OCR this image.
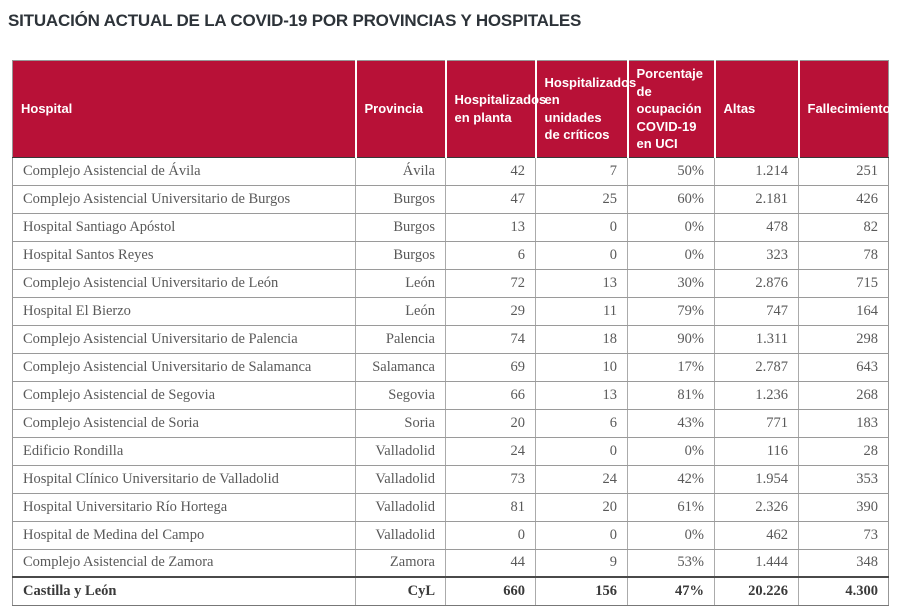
SITUACIÓN ACTUAL DE LA COVID-19 POR PROVINCIAS Y HOSPITALES
Hospital	Provincia	Hospitalizados en planta	Hospitalizados en unidades de críticos	Porcentaje de ocupación COVID-19 en UCI	Altas	Fallecimientos
Complejo Asistencial de Ávila	Ávila	42	7	50%	1.214	251
Complejo Asistencial Universitario de Burgos	Burgos	47	25	60%	2.181	426
Hospital Santiago Apóstol	Burgos	13	0	0%	478	82
Hospital Santos Reyes	Burgos	6	0	0%	323	78
Complejo Asistencial Universitario de León	León	72	13	30%	2.876	715
Hospital El Bierzo	León	29	11	79%	747	164
Complejo Asistencial Universitario de Palencia	Palencia	74	18	90%	1.311	298
Complejo Asistencial Universitario de Salamanca	Salamanca	69	10	17%	2.787	643
Complejo Asistencial de Segovia	Segovia	66	13	81%	1.236	268
Complejo Asistencial de Soria	Soria	20	6	43%	771	183
Edificio Rondilla	Valladolid	24	0	0%	116	28
Hospital Clínico Universitario de Valladolid	Valladolid	73	24	42%	1.954	353
Hospital Universitario Río Hortega	Valladolid	81	20	61%	2.326	390
Hospital de Medina del Campo	Valladolid	0	0	0%	462	73
Complejo Asistencial de Zamora	Zamora	44	9	53%	1.444	348
Castilla y León	CyL	660	156	47%	20.226	4.300
